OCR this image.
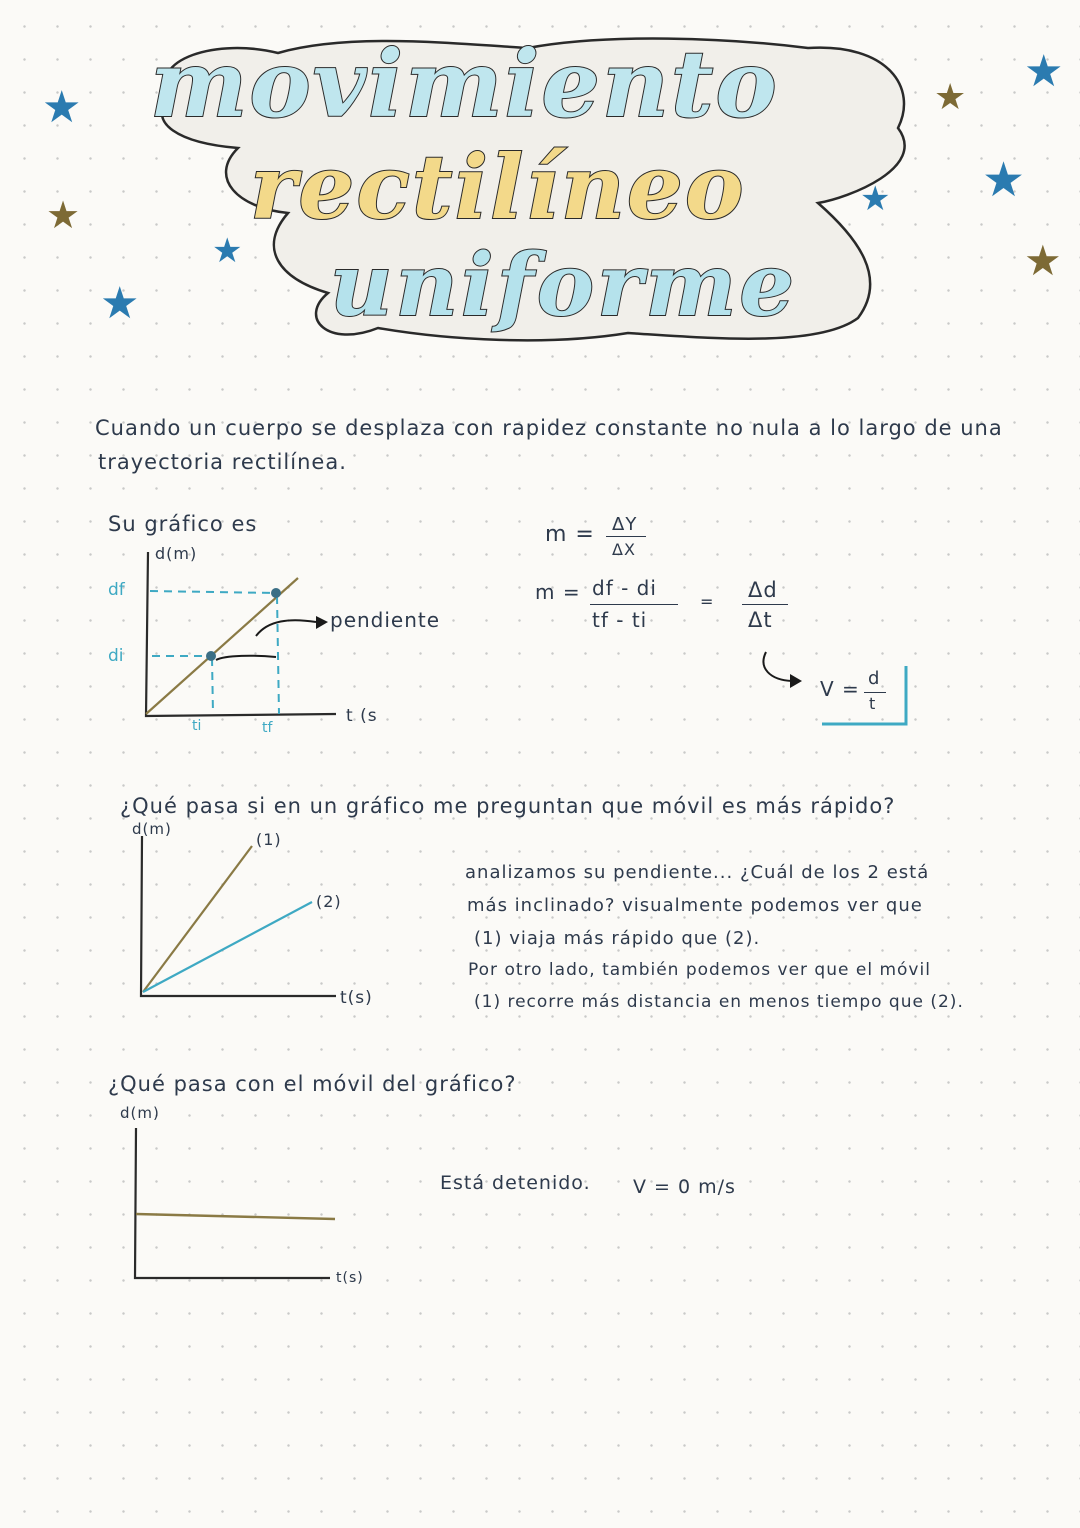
★
★
★
★
★
★
★ ★
★
movimiento
rectilíneo
uniforme
Cuando un cuerpo se desplaza con rapidez constante no nula a lo largo de una
trayectoria rectilínea.
Su gráfico es
d(m)
df
di
ti	tf
t (s
pendiente
m = ΔY
ΔX
m = df - di
tf - ti
= Δd
Δt
V = d
t
¿Qué pasa si en un gráfico me preguntan que móvil es más rápido?
d(m)
(1)
(2)
t(s)
analizamos su pendiente... ¿Cuál de los 2 está
más inclinado? visualmente podemos ver que
(1) viaja más rápido que (2).
Por otro lado, también podemos ver que el móvil
(1) recorre más distancia en menos tiempo que (2).
¿Qué pasa con el móvil del gráfico?
d(m)
t(s)
Está detenido. V = 0 m/s
